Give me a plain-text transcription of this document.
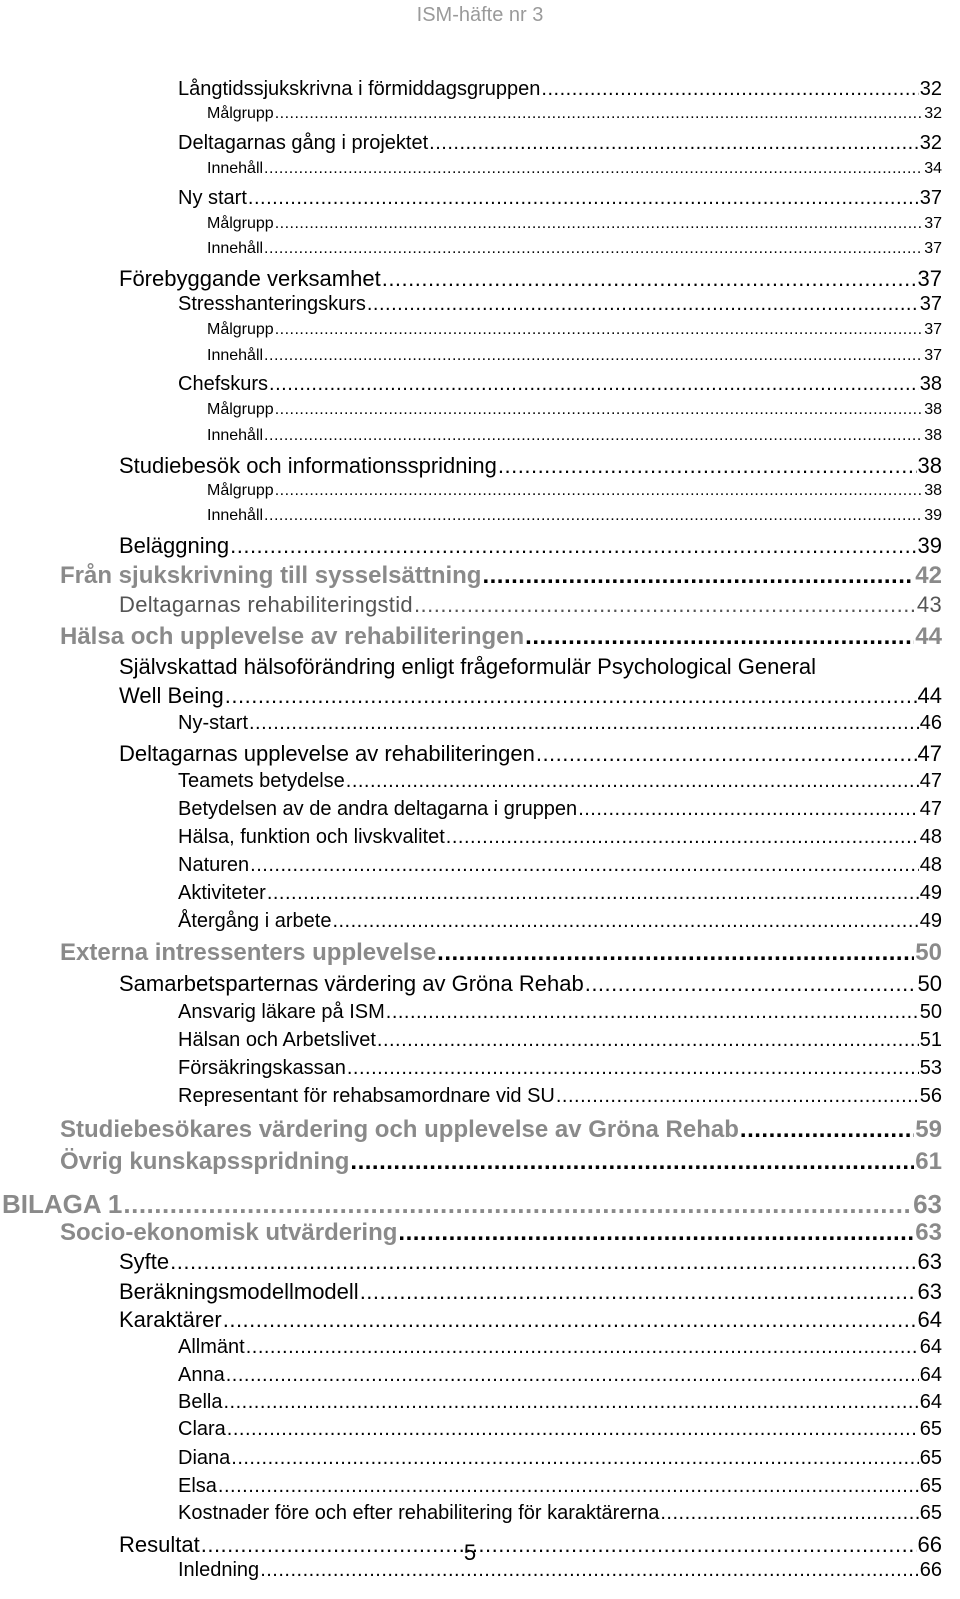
ISM-häfte nr 3
Långtidssjukskrivna i förmiddagsgruppen .....	32
Målgrupp .....	32
Deltagarnas gång i projektet .....	32
Innehåll .....	34
Ny start .....	37
Målgrupp .....	37
Innehåll .....	37
Förebyggande verksamhet .....	37
Stresshanteringskurs .....	37
Målgrupp .....	37
Innehåll .....	37
Chefskurs .....	38
Målgrupp .....	38
Innehåll .....	38
Studiebesök och informationsspridning .....	38
Målgrupp .....	38
Innehåll .....	39
Beläggning .....	39
Från sjukskrivning till sysselsättning .....	42
Deltagarnas rehabiliteringstid .....	43
Hälsa och upplevelse av rehabiliteringen .....	44
Självskattad hälsoförändring enligt frågeformulär Psychological General
Well Being .....	44
Ny-start .....	46
Deltagarnas upplevelse av rehabiliteringen .....	47
Teamets betydelse .....	47
Betydelsen av de andra deltagarna i gruppen .....	47
Hälsa, funktion och livskvalitet .....	48
Naturen .....	48
Aktiviteter .....	49
Återgång i arbete .....	49
Externa intressenters upplevelse .....	50
Samarbetsparternas värdering av Gröna Rehab .....	50
Ansvarig läkare på ISM .....	50
Hälsan och Arbetslivet .....	51
Försäkringskassan .....	53
Representant för rehabsamordnare vid SU .....	56
Studiebesökares värdering och upplevelse av Gröna Rehab .....	59
Övrig kunskapsspridning .....	61
BILAGA 1 .....	63
Socio-ekonomisk utvärdering .....	63
Syfte .....	63
Beräkningsmodellmodell .....	63
Karaktärer .....	64
Allmänt .....	64
Anna .....	64
Bella .....	64
Clara .....	65
Diana .....	65
Elsa .....	65
Kostnader före och efter rehabilitering för karaktärerna .....	65
Resultat .....	66
Inledning .....	66
5
